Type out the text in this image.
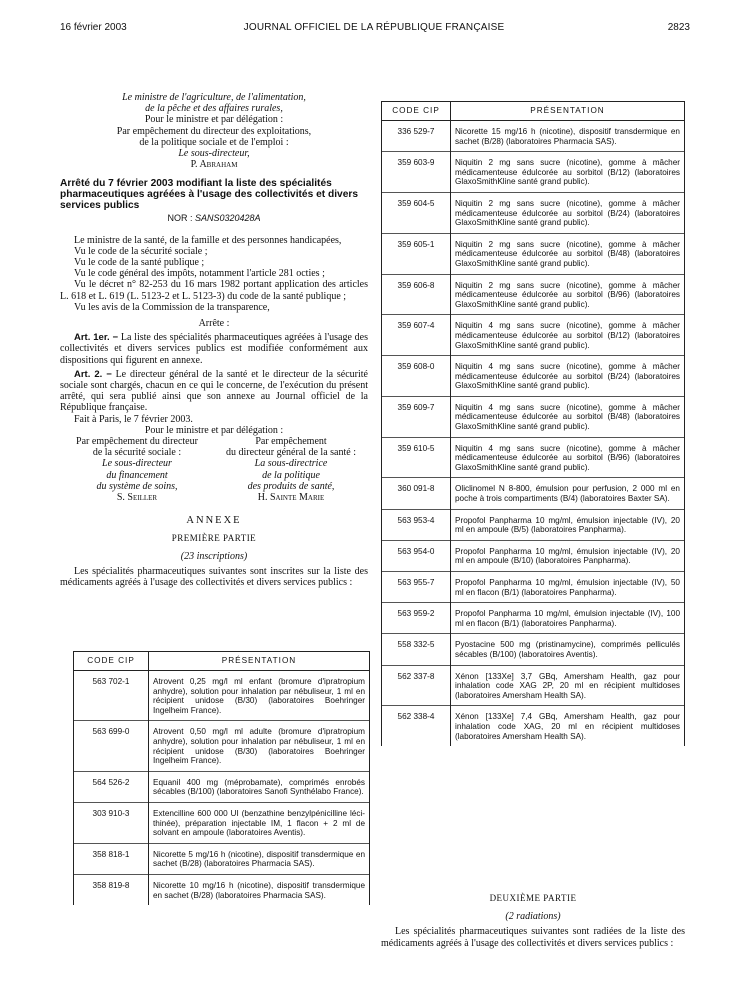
16 février 2003	JOURNAL OFFICIEL DE LA RÉPUBLIQUE FRANÇAISE	2823

Le ministre de l'agriculture, de l'alimentation,

de la pêche et des affaires rurales,

Pour le ministre et par délégation :

Par empêchement du directeur des exploitations,

de la politique sociale et de l'emploi :

Le sous-directeur,

P. Abraham

Arrêté du 7 février 2003 modifiant la liste des spécialités pharmaceutiques agréées à l'usage des collectivités et divers services publics

NOR : SANS0320428A

Le ministre de la santé, de la famille et des personnes handicapées,

Vu le code de la sécurité sociale ;

Vu le code de la santé publique ;

Vu le code général des impôts, notamment l'article 281 octies ;

Vu le décret n° 82-253 du 16 mars 1982 portant application des articles L. 618 et L. 619 (L. 5123-2 et L. 5123-3) du code de la santé publique ;

Vu les avis de la Commission de la transparence,

Arrête :

Art. 1er. − La liste des spécialités pharmaceutiques agréées à l'usage des collectivités et divers services publics est modifiée conformément aux dispositions qui figurent en annexe.

Art. 2. − Le directeur général de la santé et le directeur de la sécurité sociale sont chargés, chacun en ce qui le concerne, de l'exécution du présent arrêté, qui sera publié ainsi que son annexe au Journal officiel de la République française.

Fait à Paris, le 7 février 2003.

Pour le ministre et par délégation :

Par empêchement du directeur

de la sécurité sociale :

Le sous-directeur

du financement

du système de soins,

S. Seiller

Par empêchement

du directeur général de la santé :

La sous-directrice

de la politique

des produits de santé,

H. Sainte Marie

ANNEXE

PREMIÈRE PARTIE

(23 inscriptions)

Les spécialités pharmaceutiques suivantes sont inscrites sur la liste des médicaments agréés à l'usage des collectivités et divers services publics :

CODE CIP	PRÉSENTATION
563 702-1	Atrovent 0,25 mg/l ml enfant (bromure d'ipratropium anhydre), solution pour inhalation par nébuliseur, 1 ml en récipient unidose (B/30) (laboratoires Boehringer Ingelheim France).
563 699-0	Atrovent 0,50 mg/l ml adulte (bromure d'ipratropium anhydre), solution pour inhalation par nébuliseur, 1 ml en récipient unidose (B/30) (laboratoires Boehringer Ingelheim France).
564 526-2	Equanil 400 mg (méprobamate), comprimés enrobés sécables (B/100) (laboratoires Sanofi Synthélabo France).
303 910-3	Extencilline 600 000 UI (benzathine benzylpénicilline léci-thinée), préparation injectable IM, 1 flacon + 2 ml de solvant en ampoule (laboratoires Aventis).
358 818-1	Nicorette 5 mg/16 h (nicotine), dispositif transdermique en sachet (B/28) (laboratoires Pharmacia SAS).
358 819-8	Nicorette 10 mg/16 h (nicotine), dispositif transdermique en sachet (B/28) (laboratoires Pharmacia SAS).
CODE CIP	PRÉSENTATION
336 529-7	Nicorette 15 mg/16 h (nicotine), dispositif transdermique en sachet (B/28) (laboratoires Pharmacia SAS).
359 603-9	Niquitin 2 mg sans sucre (nicotine), gomme à mâcher médicamenteuse édulcorée au sorbitol (B/12) (laboratoires GlaxoSmithKline santé grand public).
359 604-5	Niquitin 2 mg sans sucre (nicotine), gomme à mâcher médicamenteuse édulcorée au sorbitol (B/24) (laboratoires GlaxoSmithKline santé grand public).
359 605-1	Niquitin 2 mg sans sucre (nicotine), gomme à mâcher médicamenteuse édulcorée au sorbitol (B/48) (laboratoires GlaxoSmithKline santé grand public).
359 606-8	Niquitin 2 mg sans sucre (nicotine), gomme à mâcher médicamenteuse édulcorée au sorbitol (B/96) (laboratoires GlaxoSmithKline santé grand public).
359 607-4	Niquitin 4 mg sans sucre (nicotine), gomme à mâcher médicamenteuse édulcorée au sorbitol (B/12) (laboratoires GlaxoSmithKline santé grand public).
359 608-0	Niquitin 4 mg sans sucre (nicotine), gomme à mâcher médicamenteuse édulcorée au sorbitol (B/24) (laboratoires GlaxoSmithKline santé grand public).
359 609-7	Niquitin 4 mg sans sucre (nicotine), gomme à mâcher médicamenteuse édulcorée au sorbitol (B/48) (laboratoires GlaxoSmithKline santé grand public).
359 610-5	Niquitin 4 mg sans sucre (nicotine), gomme à mâcher médicamenteuse édulcorée au sorbitol (B/96) (laboratoires GlaxoSmithKline santé grand public).
360 091-8	Oliclinomel N 8-800, émulsion pour perfusion, 2 000 ml en poche à trois compartiments (B/4) (laboratoires Baxter SA).
563 953-4	Propofol Panpharma 10 mg/ml, émulsion injectable (IV), 20 ml en ampoule (B/5) (laboratoires Panpharma).
563 954-0	Propofol Panpharma 10 mg/ml, émulsion injectable (IV), 20 ml en ampoule (B/10) (laboratoires Panpharma).
563 955-7	Propofol Panpharma 10 mg/ml, émulsion injectable (IV), 50 ml en flacon (B/1) (laboratoires Panpharma).
563 959-2	Propofol Panpharma 10 mg/ml, émulsion injectable (IV), 100 ml en flacon (B/1) (laboratoires Panpharma).
558 332-5	Pyostacine 500 mg (pristinamycine), comprimés pelliculés sécables (B/100) (laboratoires Aventis).
562 337-8	Xénon [133Xe] 3,7 GBq, Amersham Health, gaz pour inhalation code XAG 2P, 20 ml en récipient multidoses (laboratoires Amersham Health SA).
562 338-4	Xénon [133Xe] 7,4 GBq, Amersham Health, gaz pour inhalation code XAG, 20 ml en récipient multidoses (laboratoires Amersham Health SA).

DEUXIÈME PARTIE

(2 radiations)

Les spécialités pharmaceutiques suivantes sont radiées de la liste des médicaments agréés à l'usage des collectivités et divers services publics :
